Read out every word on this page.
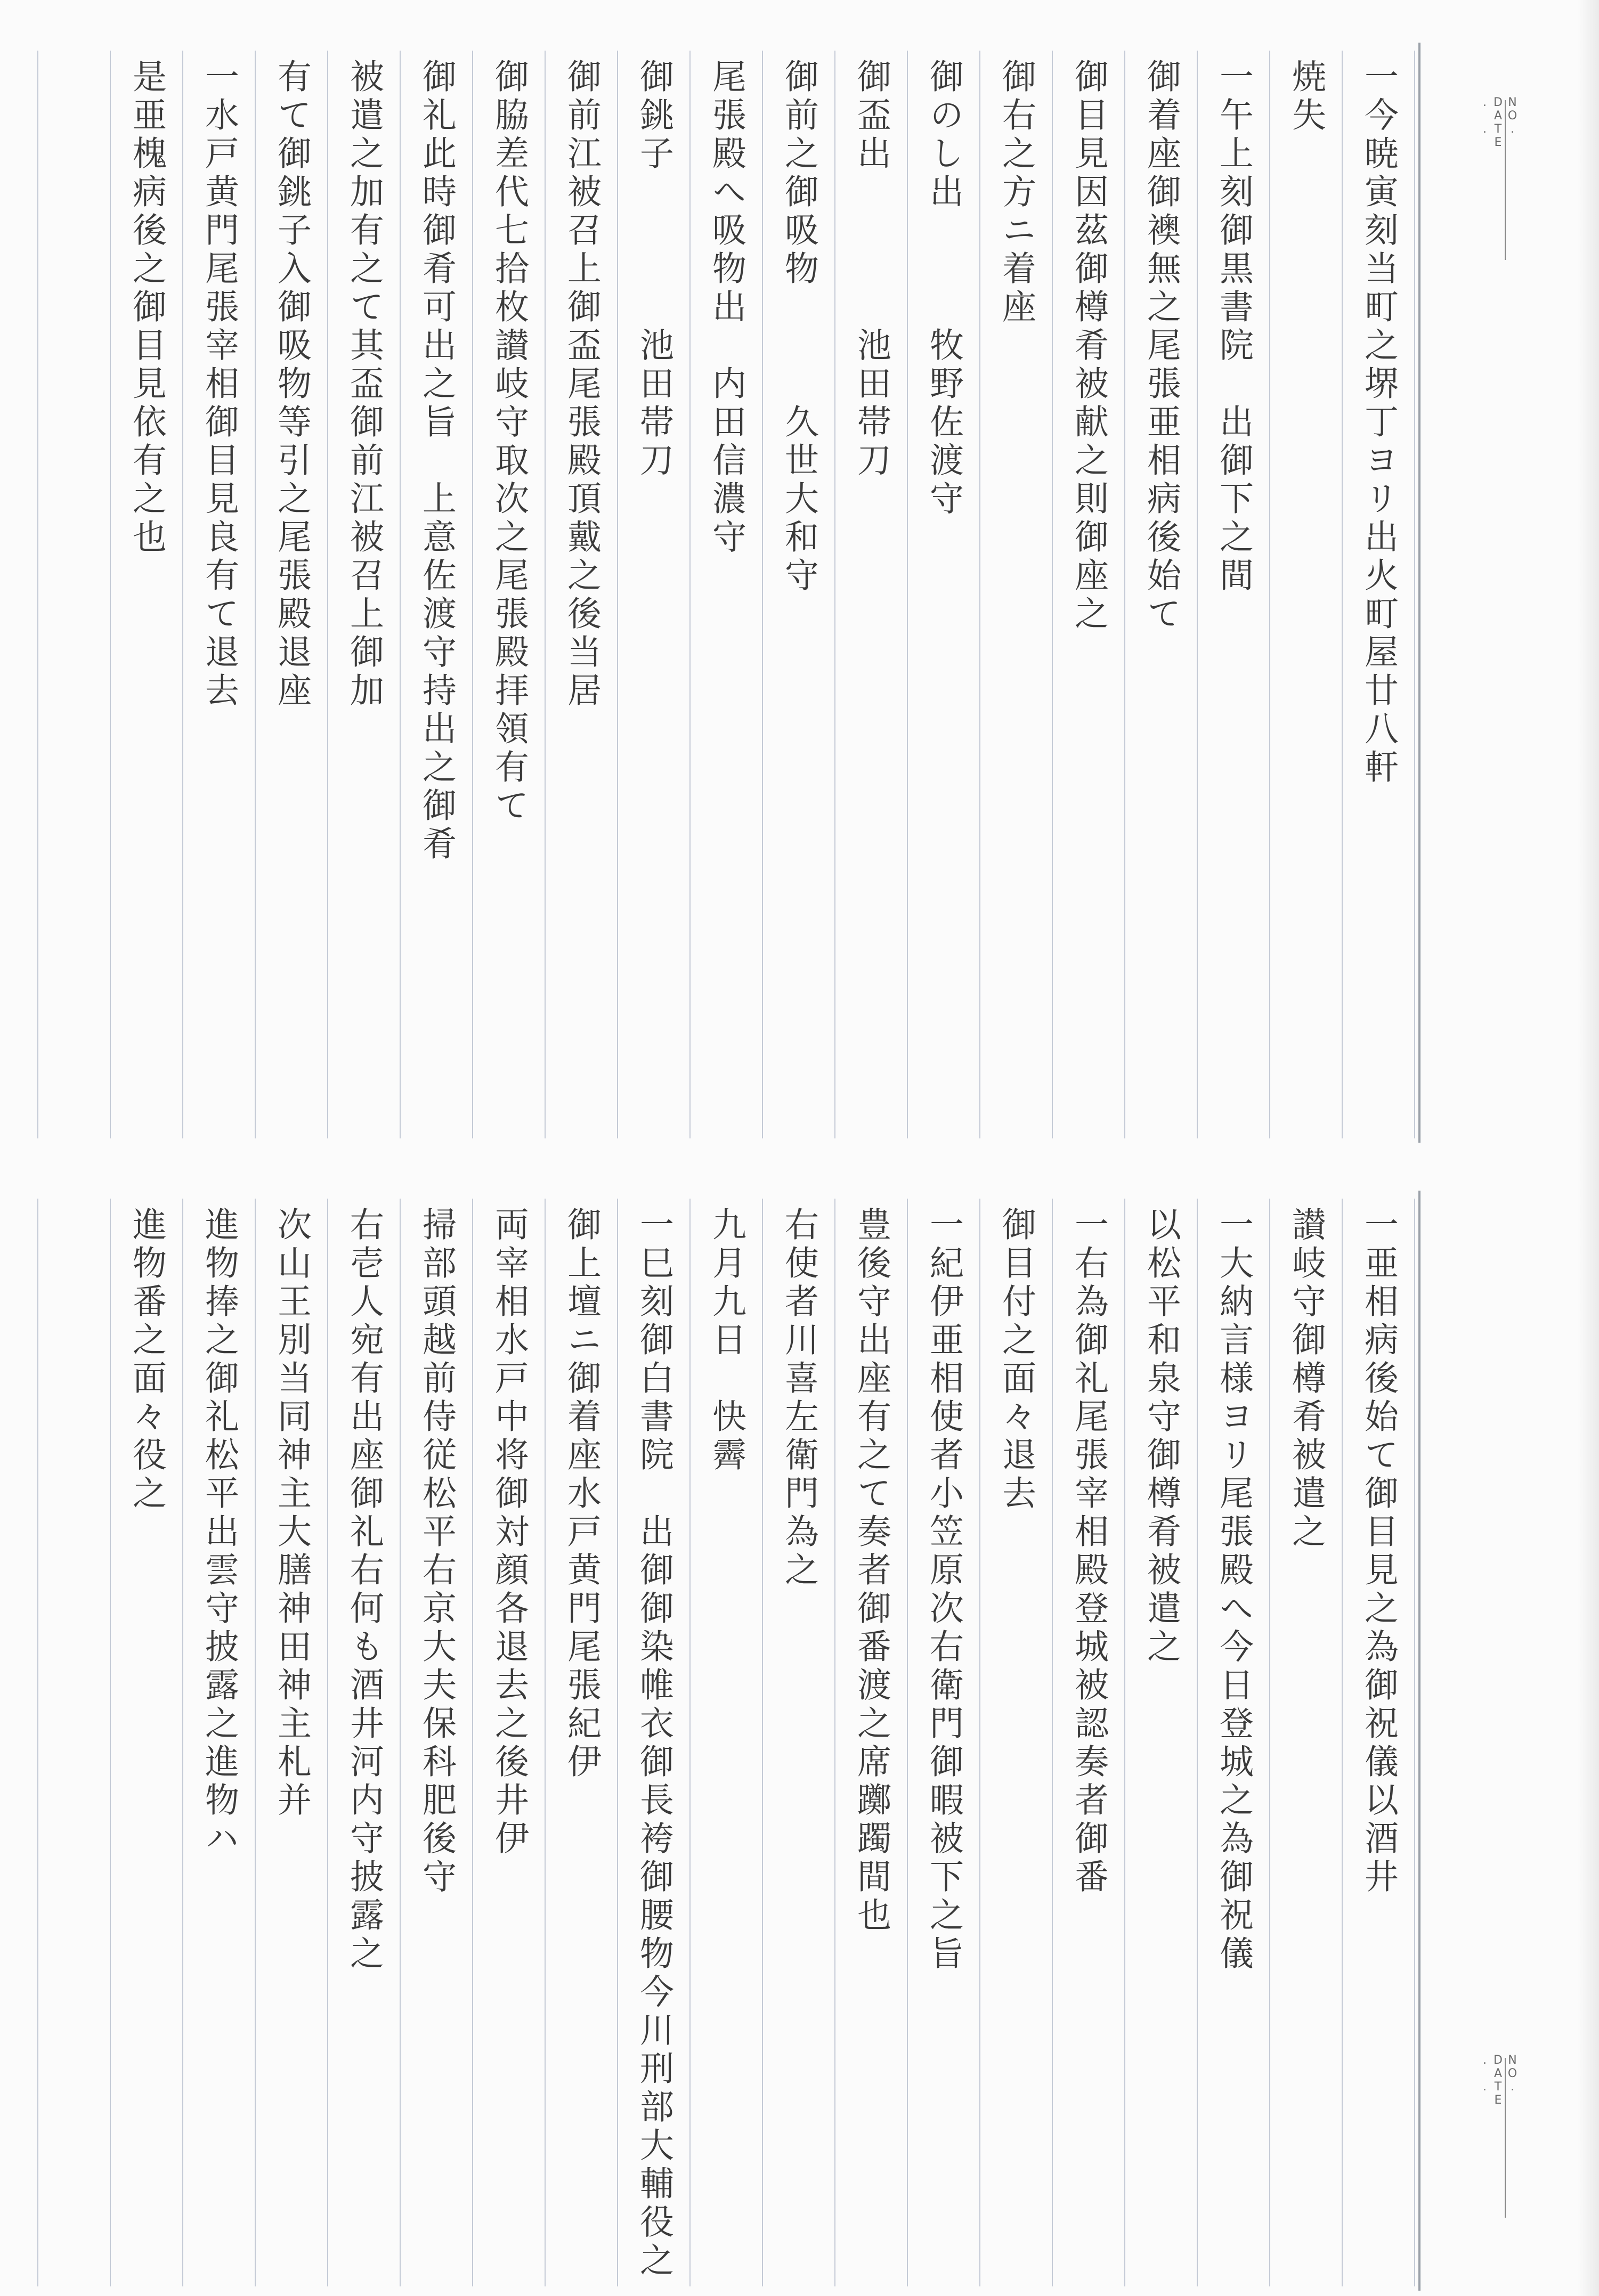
NO.
DATE
. .
一今暁寅刻当町之堺丁ヨリ出火町屋廿八軒
焼失
一午上刻御黒書院　出御下之間
御着座御襖無之尾張亜相病後始て
御目見因茲御樽肴被献之則御座之
御右之方ニ着座
御のし出　　　牧野佐渡守
御盃出　　　　池田帯刀
御前之御吸物　　　久世大和守
尾張殿へ吸物出　内田信濃守
御銚子　　　　池田帯刀
御前江被召上御盃尾張殿頂戴之後当居
御脇差代七拾枚讃岐守取次之尾張殿拝領有て
御礼此時御肴可出之旨　上意佐渡守持出之御肴
被遣之加有之て其盃御前江被召上御加
有て御銚子入御吸物等引之尾張殿退座
一水戸黄門尾張宰相御目見良有て退去
是亜槐病後之御目見依有之也
NO.
DATE
. .
一亜相病後始て御目見之為御祝儀以酒井
讃岐守御樽肴被遣之
一大納言様ヨリ尾張殿へ今日登城之為御祝儀
以松平和泉守御樽肴被遣之
一右為御礼尾張宰相殿登城被認奏者御番
御目付之面々退去
一紀伊亜相使者小笠原次右衛門御暇被下之旨
豊後守出座有之て奏者御番渡之席躑躅間也
右使者川喜左衛門為之
九月九日　快霽
一巳刻御白書院　出御御染帷衣御長袴御腰物今川刑部大輔役之
御上壇ニ御着座水戸黄門尾張紀伊
両宰相水戸中将御対顔各退去之後井伊
掃部頭越前侍従松平右京大夫保科肥後守
右壱人宛有出座御礼右何も酒井河内守披露之
次山王別当同神主大膳神田神主札并
進物捧之御礼松平出雲守披露之進物ハ
進物番之面々役之
